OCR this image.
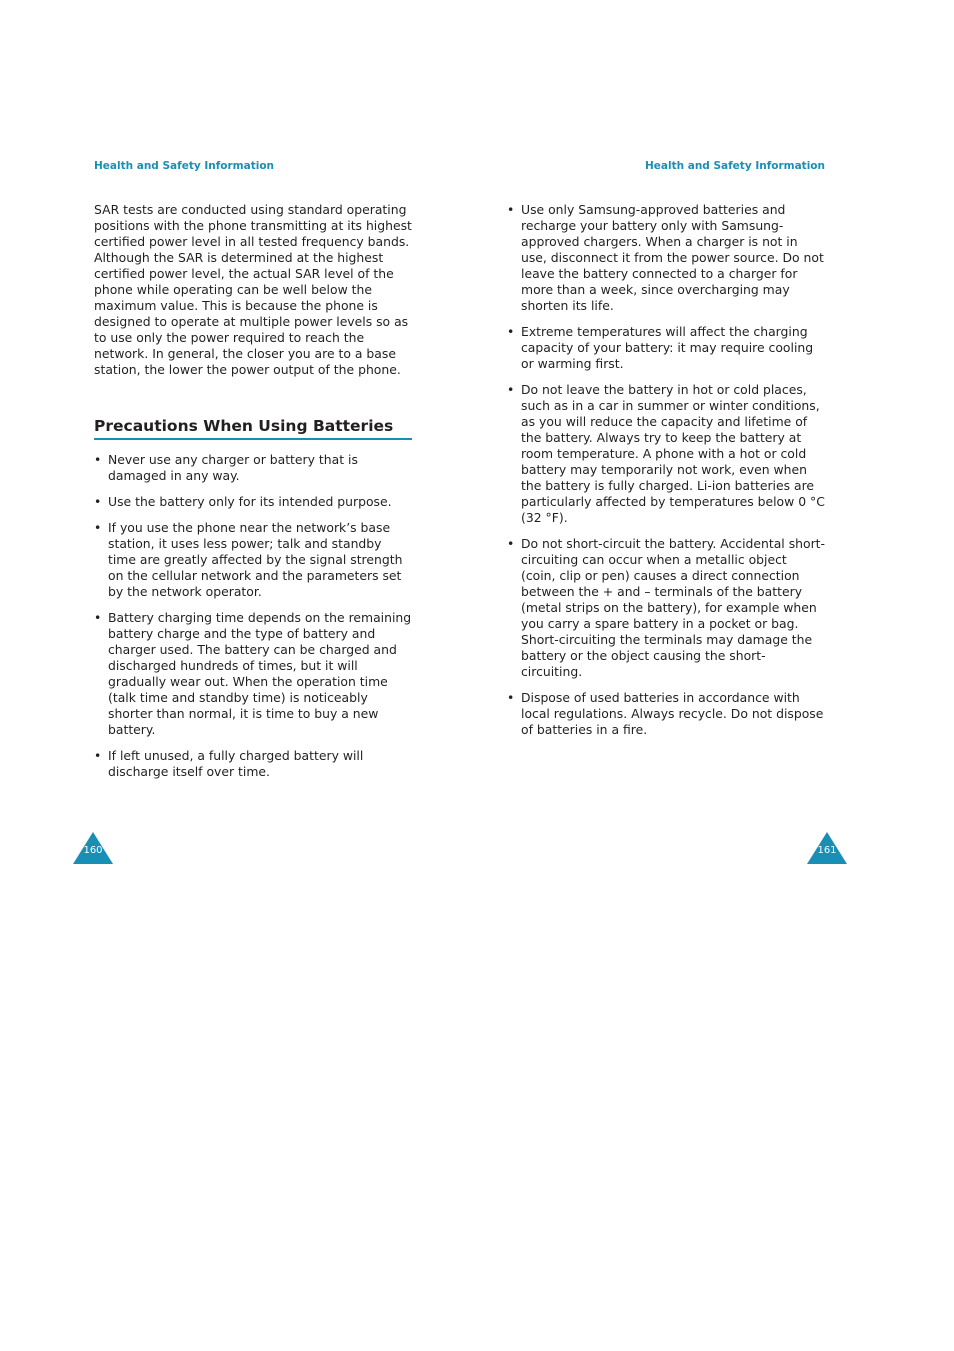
Health and Safety Information	Health and Safety Information

SAR tests are conducted using standard operating positions with the phone transmitting at its highest certified power level in all tested frequency bands. Although the SAR is determined at the highest certified power level, the actual SAR level of the phone while operating can be well below the maximum value. This is because the phone is designed to operate at multiple power levels so as to use only the power required to reach the network. In general, the closer you are to a base station, the lower the power output of the phone.

Precautions When Using Batteries
• Never use any charger or battery that is damaged in any way.
• Use the battery only for its intended purpose.
• If you use the phone near the network’s base station, it uses less power; talk and standby time are greatly affected by the signal strength on the cellular network and the parameters set by the network operator.
• Battery charging time depends on the remaining battery charge and the type of battery and charger used. The battery can be charged and discharged hundreds of times, but it will gradually wear out. When the operation time (talk time and standby time) is noticeably shorter than normal, it is time to buy a new battery.
• If left unused, a fully charged battery will discharge itself over time.
• Use only Samsung-approved batteries and recharge your battery only with Samsung-approved chargers. When a charger is not in use, disconnect it from the power source. Do not leave the battery connected to a charger for more than a week, since overcharging may shorten its life.
• Extreme temperatures will affect the charging capacity of your battery: it may require cooling or warming first.
• Do not leave the battery in hot or cold places, such as in a car in summer or winter conditions, as you will reduce the capacity and lifetime of the battery. Always try to keep the battery at room temperature. A phone with a hot or cold battery may temporarily not work, even when the battery is fully charged. Li-ion batteries are particularly affected by temperatures below 0 °C (32 °F).
• Do not short-circuit the battery. Accidental short-circuiting can occur when a metallic object (coin, clip or pen) causes a direct connection between the + and – terminals of the battery (metal strips on the battery), for example when you carry a spare battery in a pocket or bag. Short-circuiting the terminals may damage the battery or the object causing the short-circuiting.
• Dispose of used batteries in accordance with local regulations. Always recycle. Do not dispose of batteries in a fire.
160	161
